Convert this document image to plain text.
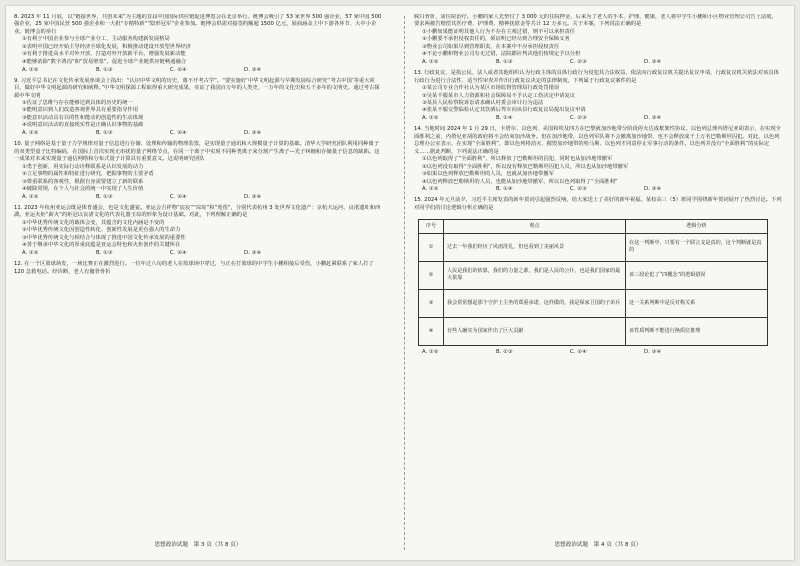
8. 2023 年 11 月底，以“链接世界，共创未来”为主题的首届中国国际供应链促进博览会在北京举行。链博会吸引了 53 家世界 500 强企业，57 家中国 500 强企业，25 家中国民营 500 强企业和一大批“专精特新”“隐形冠军”企业参加。链博会供需对接签约额超 1500 亿元，展商涵盖上中下游各环节、大中小企业。链博会的举行
①有利于中国企业参与全球产业分工，主动服务构建新发展格局
②表明中国已经开始主导经济全球化发展，积极推动建设开放型世界经济
③有利于推进高水平对外开放，打造对外开放新平台，增强发展新动能
④能够消除“数字鸿沟”和“贸易壁垒”，促进全球产业链供应链畅通融合
A. ①②	B. ①③	C. ②④	D. ③④
9. 习近平总书记在文化传承发展座谈会上指出：“认识中华文明的历史，离不开考古学”。“要实施好‘中华文明起源与早期发展综合研究’‘考古中国’等重大项目，做好中华文明起源的研究和阐释。”中华文明探源工程取得重大研究成果，实证了我国百万年的人类史、一万年的文化史和五千多年的文明史。通过考古探源中华文明
①佐证了思维与存在能够达到具体的历史的统一
②能明意识到人们改造客观世界具有重要指导作用
③能意识活动具有目的性和能动的创造性的生动体现
④说明意识活动的直接现实性是正确认识事物的基础
A. ①②	B. ①③	C. ②④	D. ③④
10. 量子网络是基于量子力学规律对量子信息进行存储、处理和传输的物理装置，是实现量子通讯和大规模量子计算的基础。清华大学研究团队利用同种离子的双类型量子比特编码，在国际上首次实现无串扰的量子网络节点，在同一个离子中实现不同种类离子来分割产生离子—光子纠缠和存储量子信息的缺陷。这一成果对未来实现量子通信网络和分布式量子计算具有重要意义。这说明研究团队
①勇于创新，用实际行动诠释联系是认识发展的动力
②立足事物的属性和特征进行研究，把握事物的主要矛盾
③尊重联系的客观性，根据自身需要建立了新的联系
④破除常规，在个人与社会的统一中实现了人生价值
A. ①②	B. ①③	C. ②④	D. ③④
11. 2023 年杭州亚运会既是体育盛会，也是文化盛宴。亚运会吉祥物“宸宸”“琮琮”和“莲莲”，分别代表杭州 3 处世界文化遗产：京杭大运河、良渚遗址和西湖。亚运火炬“薪火”的炬冠以良渚文化的代表礼器玉琮的形象为设计基础。对此，下列理解正确的是
①中华优秀传统文化的载体会变，其蕴含的文化内涵是不变的
②中华优秀传统文化因创造性转化、创新性发展是更有强大的生命力
③中华优秀传统文化与相结合与体现了推进中国文化传承发展的重要性
④善于继承中华文化的厚重底蕴是亚运会特色和火炬创作的关键所在
A. ①②	B. ①③	C. ②④	D. ③④
12. 在一个区篮球场发，一场比赛正在激烈进行。一位年过八旬的老人在篮球场中穿过，与正在打篮球的中学生小鹏相接后受伤，小鹏赶紧联系了家人打了 120 急救电话。经诊断，老人有髋骨骨折
思想政治试题　第 3 页（共 8 页）
脱臼骨折，需住院治疗。小鹏的家人先垫付了 3 000 元的住院押金，后来为了老人的手术、护理、健康，老人将中学生小鹏和小区物业管理公司告上法庭，要求两被告赔偿其医疗费、护理费、精神抚慰金等共计 12 万多元。关于本案，下列说法正确的是
①小鹏如果能证明其他人行为不存在主观过错，则不可以承担责任
②小鹏要不承担侵权责任的，须证明已经尽到合理安全保障义务
③物业公司如果尽到管理职责，在本案中不应承担侵权责任
④不论小鹏和物业公司有无过错，法院都应判决他们按规定予以分担
A. ①②	B. ①③	C. ②③	D. ③④
13. 行政复议，是指公民、法人或者其他组织认为行政主体的具体行政行为侵犯其合法权益，依法向行政复议机关提出复议申请，行政复议机关依法对该具体行政行为进行合法性、适当性审查并作出行政复议决定的法律制度。下列属于行政复议案件的是
①某公司专业合作社认为某区市场监督管理局行政处罚错误
②吴某不服某市人力资源和社会保障局不予认定工伤决定申请复议
③某县人民检察院诉讼请求确认村委会审计行为违法
④张某不服交警临检认定其饮酒后驾车向该县行政复议局提出复议申请
A. ①②	B. ①④	C. ②③	D. ③④
14. 当地时间 2024 年 1 月 29 日，卡塔尔、以色列、美国和埃及四方在巴黎就加沙地带分阶段停火达成框架性协议。以色列总理内塔尼亚胡表示，在实现全面胜利之前，内塔尼亚胡的政府将不会结束加沙战争。但在加沙地带，以色列军队将不会撤离加沙地带，也不会释放成千上万名巴勒斯坦囚犯。对此，以色列总理办公室表示，在实现“全面胜利”，即以色列将消灭、摧毁加沙地带的哈马斯、以色列才同意停止军事行动的条件。以色列并没有“全面胜利”的实际定义……据此判断，下列说法正确的是
①以色列取得了“全面胜利”，所以释放了巴勒斯坦的囚犯，同时也从加沙地带撤军
②以色列没有取得“全面胜利”，所以没有释放巴勒斯坦囚犯人员，所以也从加沙地带撤军
③如果以色列释放巴勒斯坦的人员，也就从加沙地带撤军
④以色列释放巴勒斯坦的人员，也能从加沙地带撤军，所以以色列取得了“全面胜利”
A. ①②	B. ①④	C. ②③	D. ③④
15. 2024 年元旦前夕，习近平主席发表的新年贺词引起强烈反响，给大家送上了美好的新年祝福。某校高三（5）班同学围绕新年贺词展开了热烈讨论。下列对同学们的讨论逻辑分析正确的是
序号	观点	逻辑分析
①	过去一年我们经历了风雨洗礼，但也看到了美丽风景	在这一判断中，只要有一个联言支是真的，这个判断就是真的
②	人民是我们的依靠，我们的力量之源，我们是人民的公仆，也是我们国家的最大依靠	该三段论犯了“四概念”的逻辑错误
③	我会常常想起那个守护上主坐的郑重承诺，这样做的，我是保家卫国的子弟兵	这一关系判断中是反对称关系
④	有些人确实为国家作出了巨大贡献	该性质判断不能进行换质位推理
A. ①②	B. ①③	C. ②④	D. ③④
思想政治试题　第 4 页（共 8 页）
